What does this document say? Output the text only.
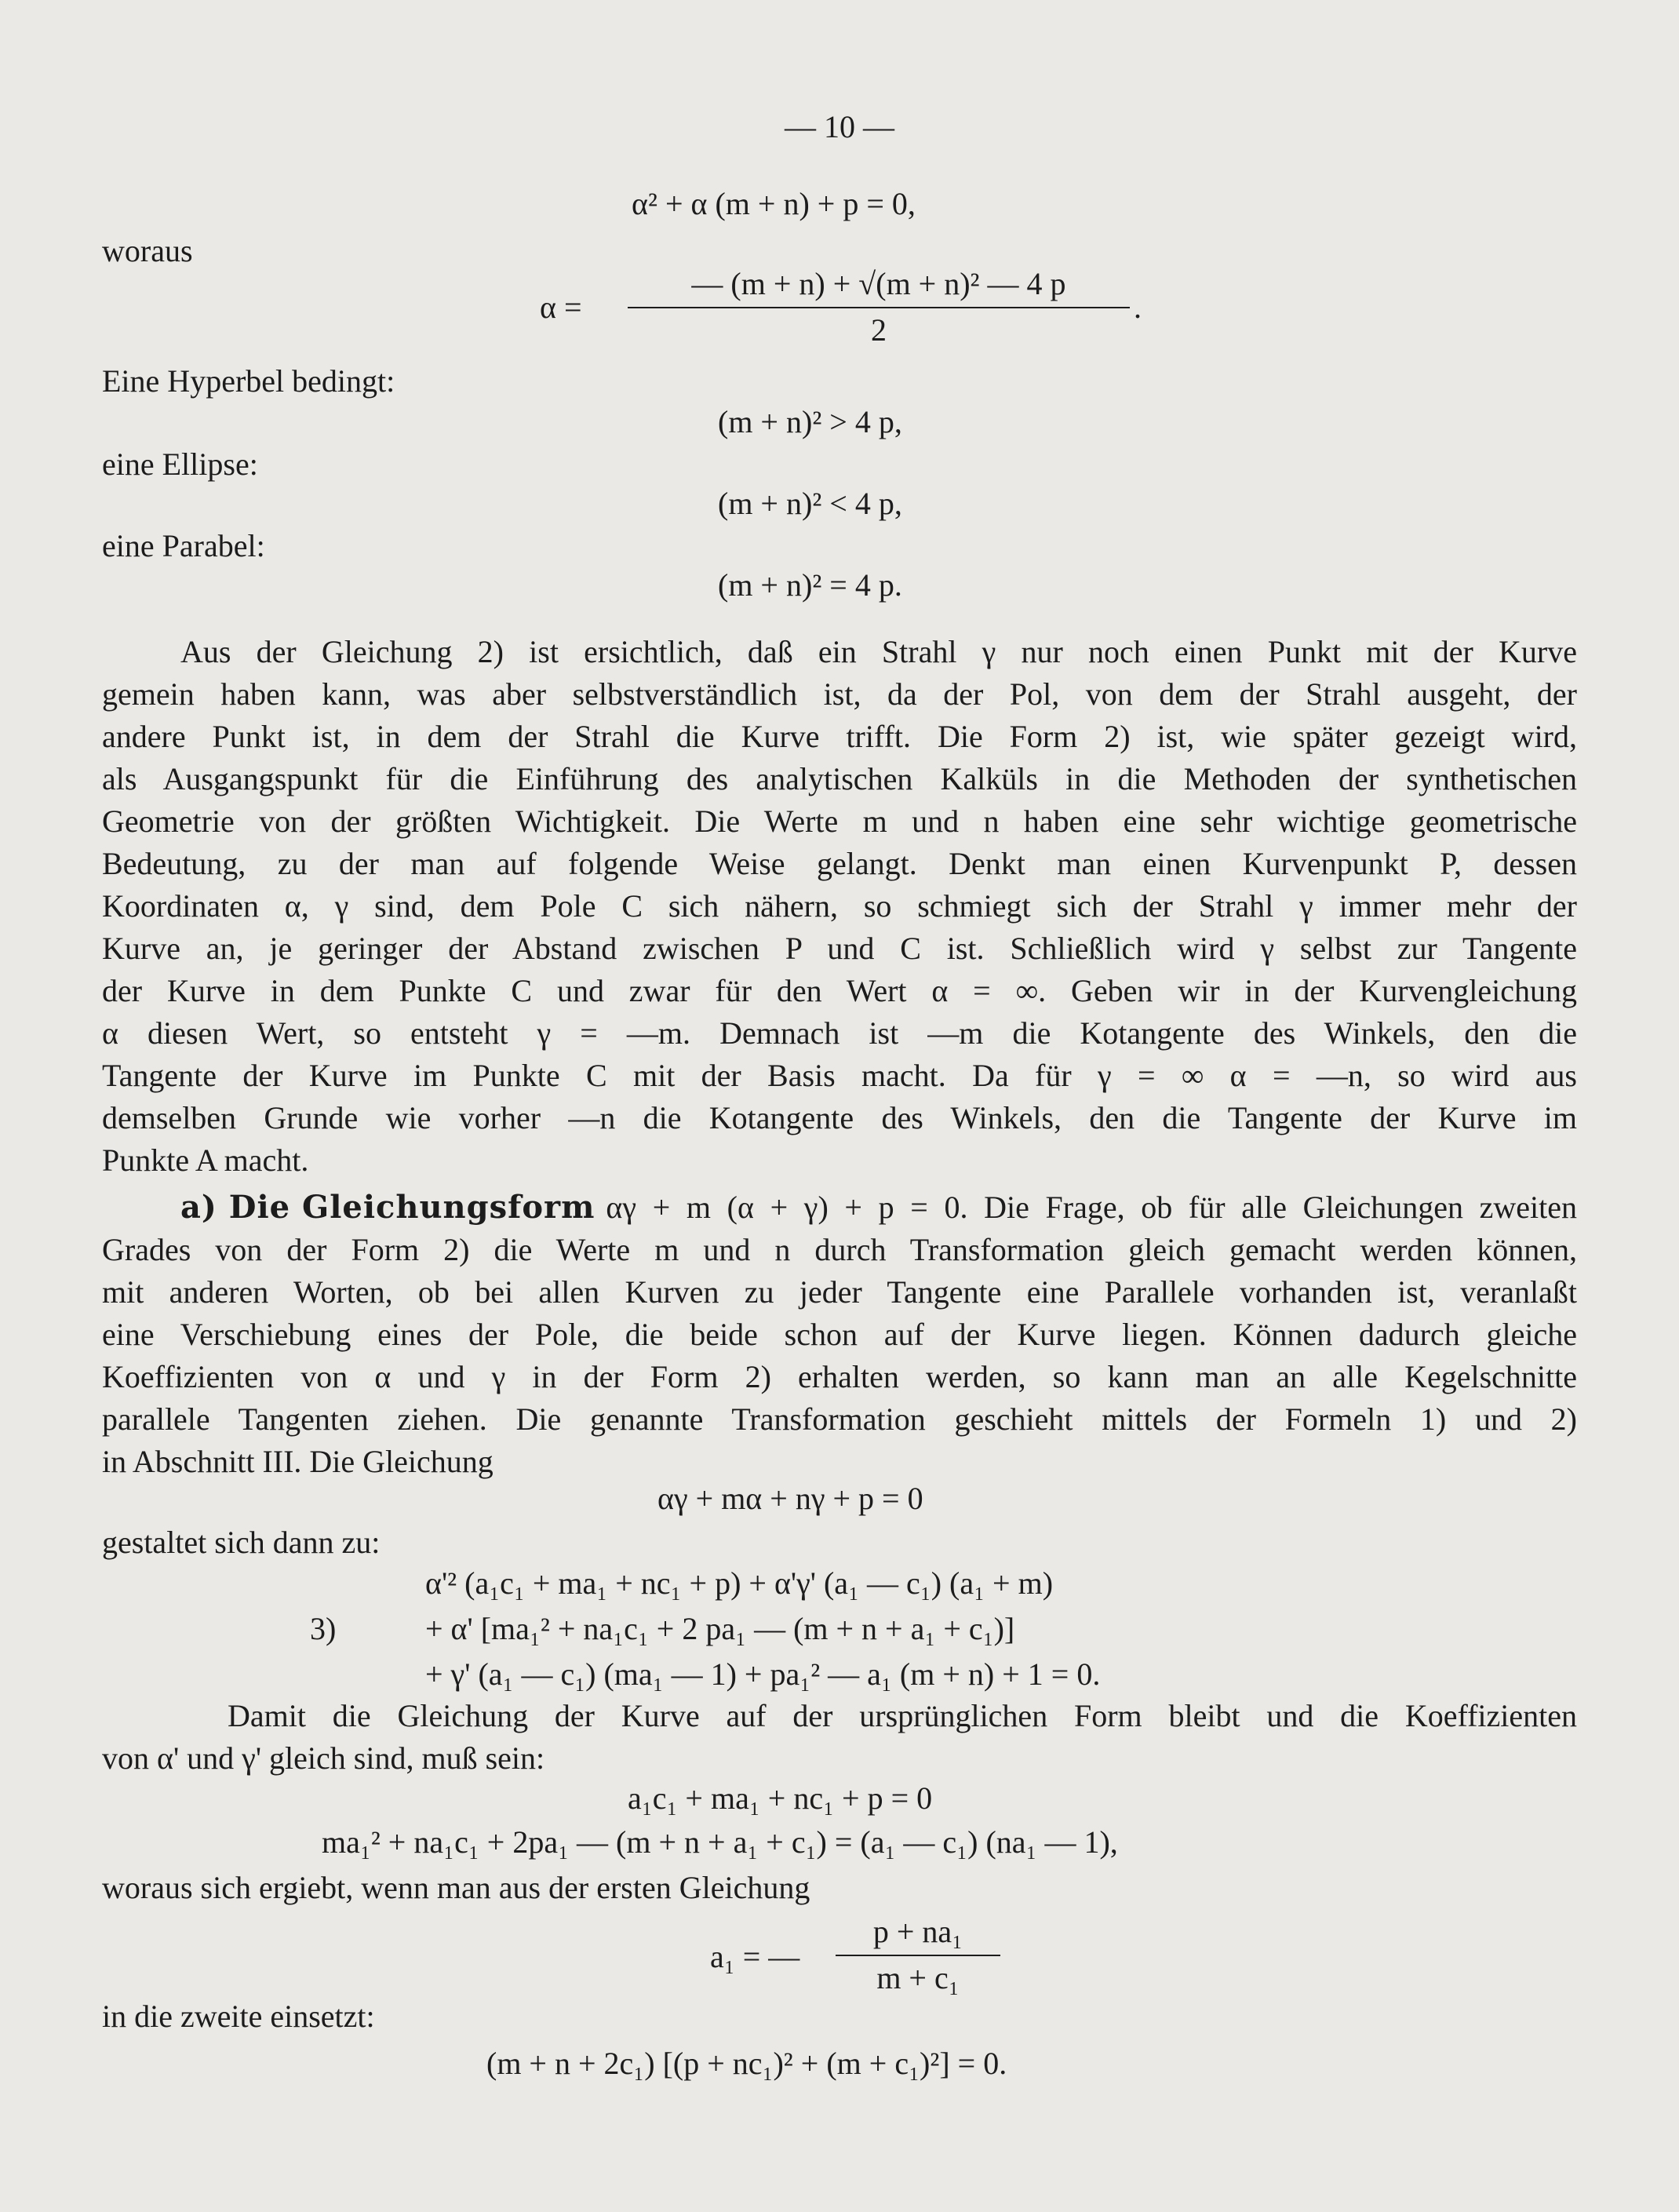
— 10 —
α² + α (m + n) + p = 0,
woraus
α =
— (m + n) + √(m + n)² — 4 p
2
.
Eine Hyperbel bedingt:
(m + n)² > 4 p,
eine Ellipse:
(m + n)² < 4 p,
eine Parabel:
(m + n)² = 4 p.
Aus der Gleichung 2) ist ersichtlich, daß ein Strahl γ nur noch einen Punkt mit der Kurve
gemein haben kann, was aber selbstverständlich ist, da der Pol, von dem der Strahl ausgeht, der
andere Punkt ist, in dem der Strahl die Kurve trifft. Die Form 2) ist, wie später gezeigt wird,
als Ausgangspunkt für die Einführung des analytischen Kalküls in die Methoden der synthetischen
Geometrie von der größten Wichtigkeit. Die Werte m und n haben eine sehr wichtige geometrische
Bedeutung, zu der man auf folgende Weise gelangt. Denkt man einen Kurvenpunkt P, dessen
Koordinaten α, γ sind, dem Pole C sich nähern, so schmiegt sich der Strahl γ immer mehr der
Kurve an, je geringer der Abstand zwischen P und C ist. Schließlich wird γ selbst zur Tangente
der Kurve in dem Punkte C und zwar für den Wert α = ∞. Geben wir in der Kurvengleichung
α diesen Wert, so entsteht γ = —m. Demnach ist —m die Kotangente des Winkels, den die
Tangente der Kurve im Punkte C mit der Basis macht. Da für γ = ∞ α = —n, so wird aus
demselben Grunde wie vorher —n die Kotangente des Winkels, den die Tangente der Kurve im
Punkte A macht.
a) Die Gleichungsform αγ + m (α + γ) + p = 0. Die Frage, ob für alle Gleichungen zweiten
Grades von der Form 2) die Werte m und n durch Transformation gleich gemacht werden können,
mit anderen Worten, ob bei allen Kurven zu jeder Tangente eine Parallele vorhanden ist, veranlaßt
eine Verschiebung eines der Pole, die beide schon auf der Kurve liegen. Können dadurch gleiche
Koeffizienten von α und γ in der Form 2) erhalten werden, so kann man an alle Kegelschnitte
parallele Tangenten ziehen. Die genannte Transformation geschieht mittels der Formeln 1) und 2)
in Abschnitt III. Die Gleichung
αγ + mα + nγ + p = 0
gestaltet sich dann zu:
3)
α'² (a₁c₁ + ma₁ + nc₁ + p) + α'γ' (a₁ — c₁) (a₁ + m)
+ α' [ma₁² + na₁c₁ + 2 pa₁ — (m + n + a₁ + c₁)]
+ γ' (a₁ — c₁) (ma₁ — 1) + pa₁² — a₁ (m + n) + 1 = 0.
Damit die Gleichung der Kurve auf der ursprünglichen Form bleibt und die Koeffizienten
von α' und γ' gleich sind, muß sein:
a₁c₁ + ma₁ + nc₁ + p = 0
ma₁² + na₁c₁ + 2pa₁ — (m + n + a₁ + c₁) = (a₁ — c₁) (na₁ — 1),
woraus sich ergiebt, wenn man aus der ersten Gleichung
a₁ = —
p + na₁
m + c₁
in die zweite einsetzt:
(m + n + 2c₁) [(p + nc₁)² + (m + c₁)²] = 0.
